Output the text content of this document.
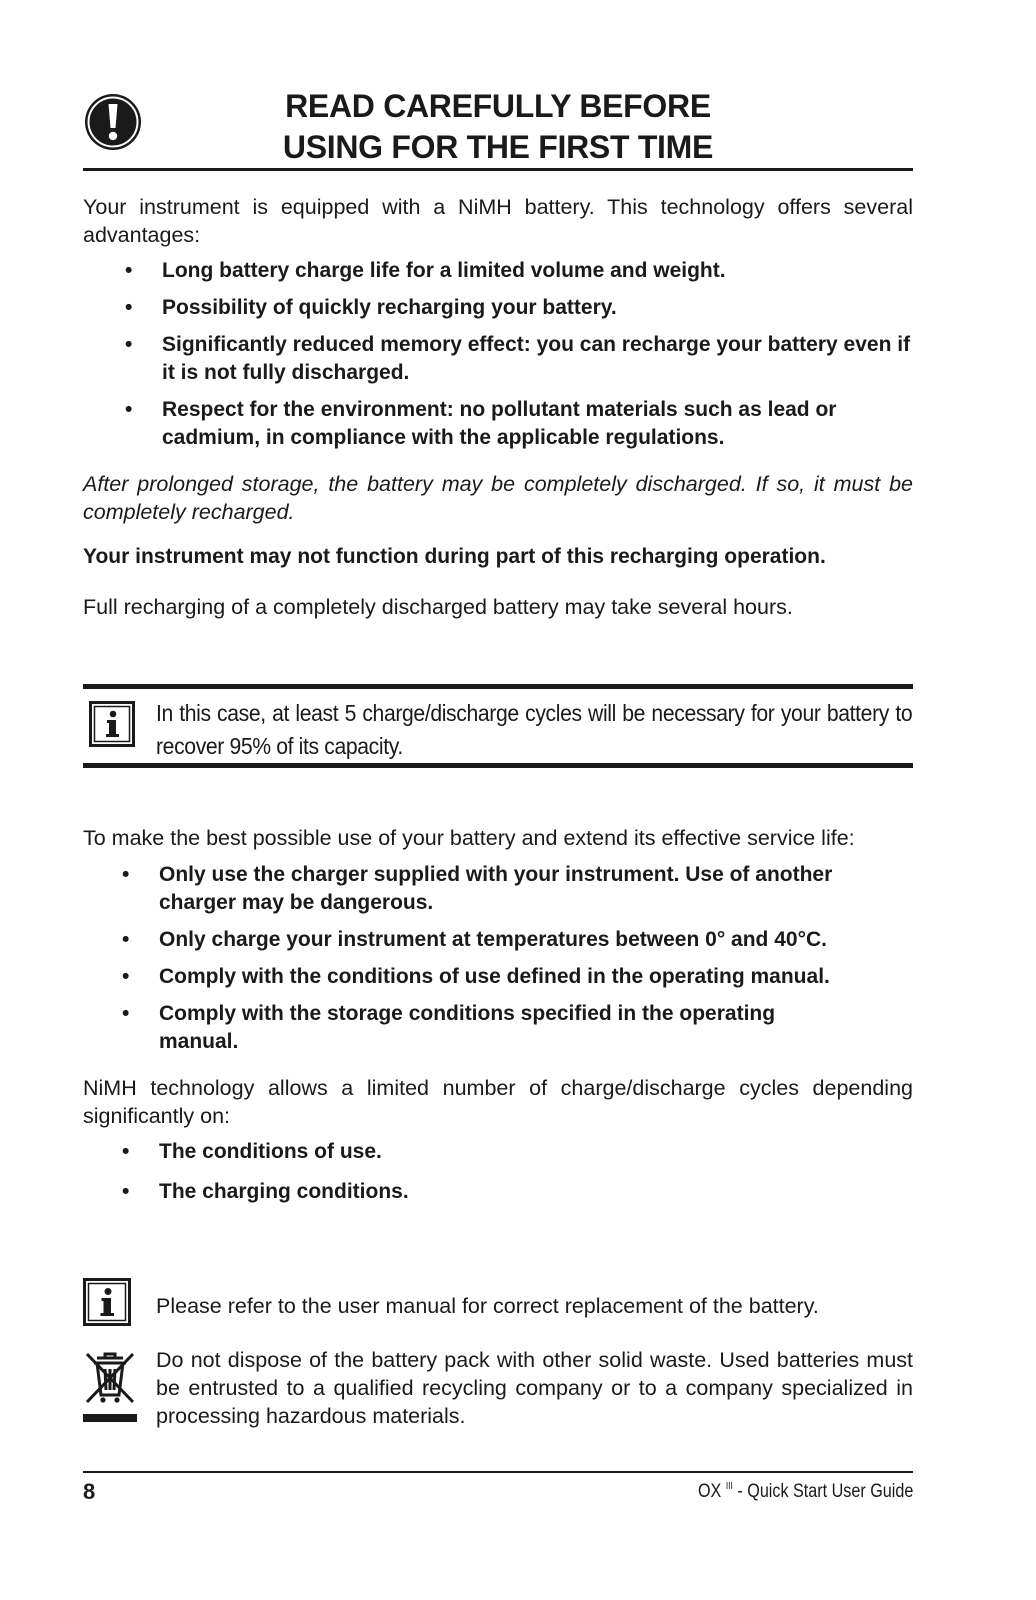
READ CAREFULLY BEFORE
USING FOR THE FIRST TIME
Your instrument is equipped with a NiMH battery. This technology offers several advantages:
• Long battery charge life for a limited volume and weight.
• Possibility of quickly recharging your battery.
• Significantly reduced memory effect: you can recharge your battery even if it is not fully discharged.
• Respect for the environment: no pollutant materials such as lead or cadmium, in compliance with the applicable regulations.
After prolonged storage, the battery may be completely discharged. If so, it must be completely recharged.
Your instrument may not function during part of this recharging operation.
Full recharging of a completely discharged battery may take several hours.
In this case, at least 5 charge/discharge cycles will be necessary for your battery to recover 95% of its capacity.
To make the best possible use of your battery and extend its effective service life:
• Only use the charger supplied with your instrument. Use of another charger may be dangerous.
• Only charge your instrument at temperatures between 0° and 40°C.
• Comply with the conditions of use defined in the operating manual.
• Comply with the storage conditions specified in the operating manual.
NiMH technology allows a limited number of charge/discharge cycles depending significantly on:
• The conditions of use.
• The charging conditions.
Please refer to the user manual for correct replacement of the battery.
Do not dispose of the battery pack with other solid waste. Used batteries must be entrusted to a qualified recycling company or to a company specialized in processing hazardous materials.
8	OX $^{III}$ - Quick Start User Guide
